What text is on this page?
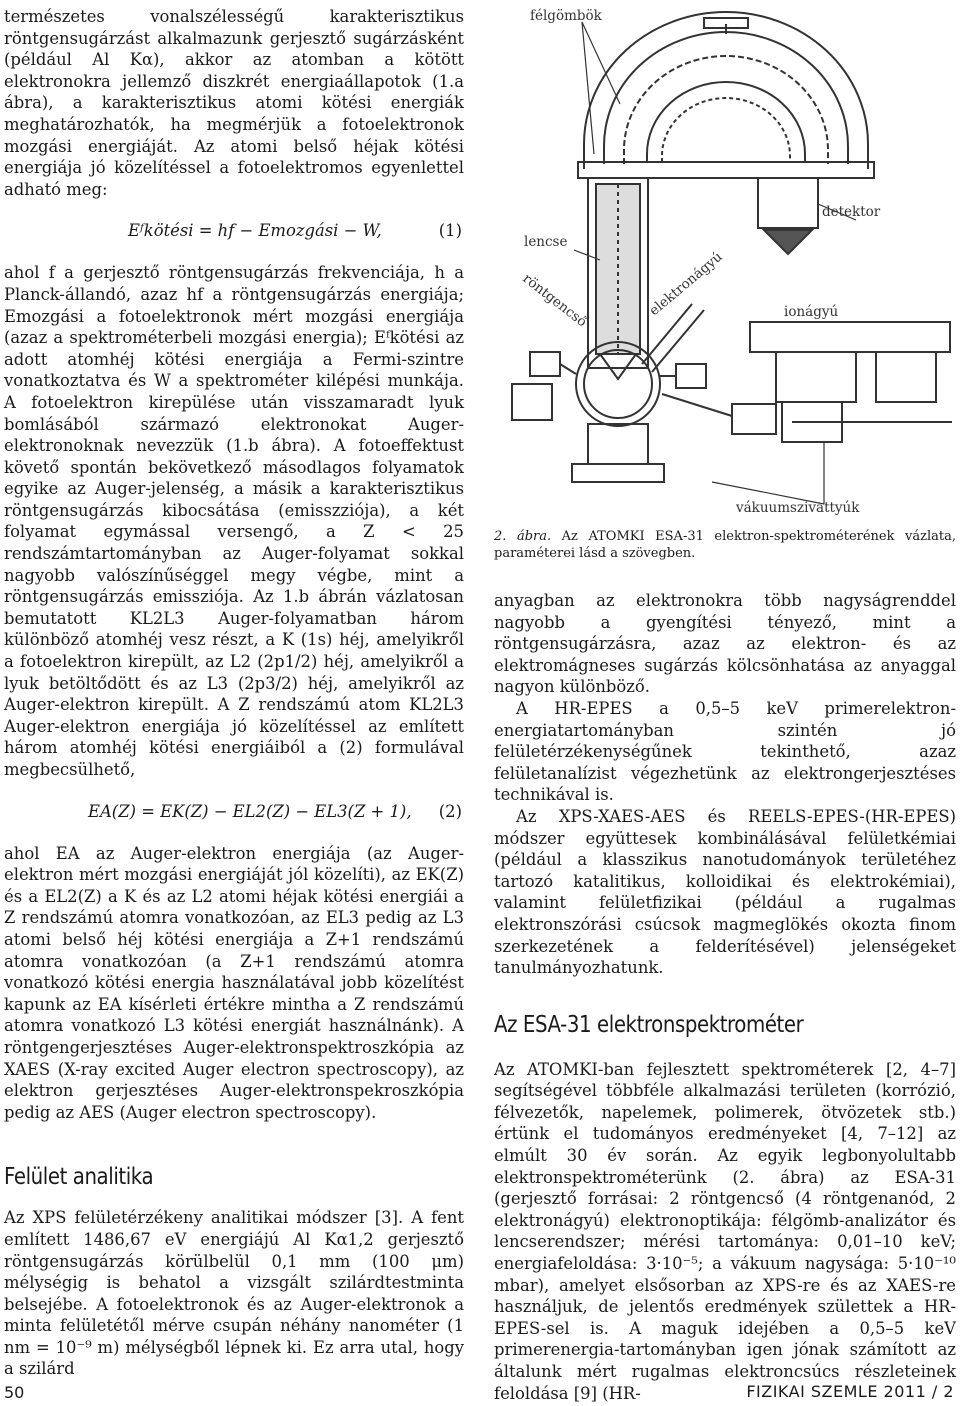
természetes vonalszélességű karakterisztikus röntgensugárzást alkalmazunk gerjesztő sugárzásként (például Al Kα), akkor az atomban a kötött elektronokra jellemző diszkrét energiaállapotok (1.a ábra), a karakterisztikus atomi kötési energiák meghatározhatók, ha megmérjük a fotoelektronok mozgási energiáját. Az atomi belső héjak kötési energiája jó közelítéssel a fotoelektromos egyenlettel adható meg:

Eᶠkötési = hf − Emozgási − W,	(1)

ahol f a gerjesztő röntgensugárzás frekvenciája, h a Planck-állandó, azaz hf a röntgensugárzás energiája; Emozgási a fotoelektronok mért mozgási energiája (azaz a spektrométerbeli mozgási energia); Eᶠkötési az adott atomhéj kötési energiája a Fermi-szintre vonatkoztatva és W a spektrométer kilépési munkája. A fotoelektron kirepülése után visszamaradt lyuk bomlásából származó elektronokat Auger-elektronoknak nevezzük (1.b ábra). A fotoeffektust követő spontán bekövetkező másodlagos folyamatok egyike az Auger-jelenség, a másik a karakterisztikus röntgensugárzás kibocsátása (emisszziója), a két folyamat egymással versengő, a Z < 25 rendszámtartományban az Auger-folyamat sokkal nagyobb valószínűséggel megy végbe, mint a röntgensugárzás emissziója. Az 1.b ábrán vázlatosan bemutatott KL2L3 Auger-folyamatban három különböző atomhéj vesz részt, a K (1s) héj, amelyikről a fotoelektron kirepült, az L2 (2p1/2) héj, amelyikről a lyuk betöltődött és az L3 (2p3/2) héj, amelyikről az Auger-elektron kirepült. A Z rendszámú atom KL2L3 Auger-elektron energiája jó közelítéssel az említett három atomhéj kötési energiáiból a (2) formulával megbecsülhető,

EA(Z) = EK(Z) − EL2(Z) − EL3(Z + 1), (2)

ahol EA az Auger-elektron energiája (az Auger-elektron mért mozgási energiáját jól közelíti), az EK(Z) és a EL2(Z) a K és az L2 atomi héjak kötési energiái a Z rendszámú atomra vonatkozóan, az EL3 pedig az L3 atomi belső héj kötési energiája a Z+1 rendszámú atomra vonatkozóan (a Z+1 rendszámú atomra vonatkozó kötési energia használatával jobb közelítést kapunk az EA kísérleti értékre mintha a Z rendszámú atomra vonatkozó L3 kötési energiát használnánk). A röntgengerjesztéses Auger-elektronspektroszkópia az XAES (X-ray excited Auger electron spectroscopy), az elektron gerjesztéses Auger-elektronspekroszkópia pedig az AES (Auger electron spectroscopy).

Felület analitika

Az XPS felületérzékeny analitikai módszer [3]. A fent említett 1486,67 eV energiájú Al Kα1,2 gerjesztő röntgensugárzás körülbelül 0,1 mm (100 μm) mélységig is behatol a vizsgált szilárdtestminta belsejébe. A fotoelektronok és az Auger-elektronok a minta felületétől mérve csupán néhány nanométer (1 nm = 10⁻⁹ m) mélységből lépnek ki. Ez arra utal, hogy a szilárd

félgömbök
detektor
lencse
röntgencső	elektronágyú	ionágyú
vákuumszivattyúk
2. ábra. Az ATOMKI ESA-31 elektron-spektrométerének vázlata, paraméterei lásd a szövegben.

anyagban az elektronokra több nagyságrenddel nagyobb a gyengítési tényező, mint a röntgensugárzásra, azaz az elektron- és az elektromágneses sugárzás kölcsönhatása az anyaggal nagyon különböző.

A HR-EPES a 0,5–5 keV primerelektron-energiatartományban szintén jó felületérzékenységűnek tekinthető, azaz felületanalízist végezhetünk az elektrongerjesztéses technikával is.

Az XPS-XAES-AES és REELS-EPES-(HR-EPES) módszer együttesek kombinálásával felületkémiai (például a klasszikus nanotudományok területéhez tartozó katalitikus, kolloidikai és elektrokémiai), valamint felületfizikai (például a rugalmas elektronszórási csúcsok magmeglökés okozta finom szerkezetének a felderítésével) jelenségeket tanulmányozhatunk.

Az ESA-31 elektronspektrométer

Az ATOMKI-ban fejlesztett spektrométerek [2, 4–7] segítségével többféle alkalmazási területen (korrózió, félvezetők, napelemek, polimerek, ötvözetek stb.) értünk el tudományos eredményeket [4, 7–12] az elmúlt 30 év során. Az egyik legbonyolultabb elektronspektrométerünk (2. ábra) az ESA-31 (gerjesztő forrásai: 2 röntgencső (4 röntgenanód, 2 elektronágyú) elektronoptikája: félgömb-analizátor és lencserendszer; mérési tartománya: 0,01–10 keV; energiafeloldása: 3·10⁻⁵; a vákuum nagysága: 5·10⁻¹⁰ mbar), amelyet elsősorban az XPS-re és az XAES-re használjuk, de jelentős eredmények születtek a HR-EPES-sel is. A maguk idejében a 0,5–5 keV primerenergia-tartományban igen jónak számított az általunk mért rugalmas elektroncsúcs részleteinek feloldása [9] (HR-

50	FIZIKAI SZEMLE 2011 / 2
